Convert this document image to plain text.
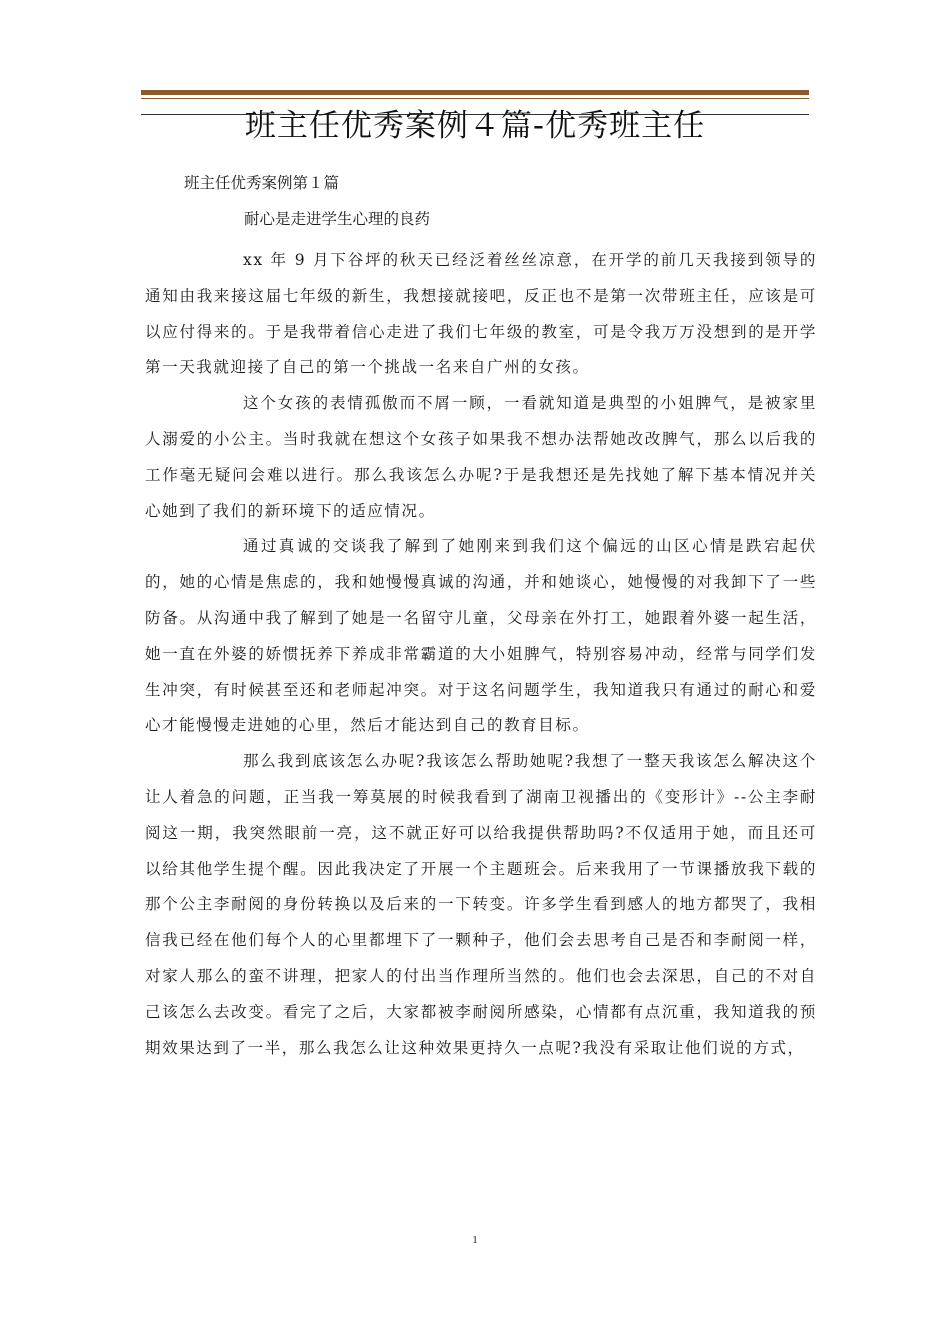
班主任优秀案例４篇-优秀班主任
班主任优秀案例第１篇
耐心是走进学生心理的良药

xx 年 9 月下谷坪的秋天已经泛着丝丝凉意，在开学的前几天我接到领导的通知由我来接这届七年级的新生，我想接就接吧，反正也不是第一次带班主任，应该是可以应付得来的。于是我带着信心走进了我们七年级的教室，可是令我万万没想到的是开学第一天我就迎接了自己的第一个挑战一名来自广州的女孩。

这个女孩的表情孤傲而不屑一顾，一看就知道是典型的小姐脾气，是被家里人溺爱的小公主。当时我就在想这个女孩子如果我不想办法帮她改改脾气，那么以后我的工作毫无疑问会难以进行。那么我该怎么办呢?于是我想还是先找她了解下基本情况并关心她到了我们的新环境下的适应情况。

通过真诚的交谈我了解到了她刚来到我们这个偏远的山区心情是跌宕起伏的，她的心情是焦虑的，我和她慢慢真诚的沟通，并和她谈心，她慢慢的对我卸下了一些防备。从沟通中我了解到了她是一名留守儿童，父母亲在外打工，她跟着外婆一起生活，她一直在外婆的娇惯抚养下养成非常霸道的大小姐脾气，特别容易冲动，经常与同学们发生冲突，有时候甚至还和老师起冲突。对于这名问题学生，我知道我只有通过的耐心和爱心才能慢慢走进她的心里，然后才能达到自己的教育目标。

那么我到底该怎么办呢?我该怎么帮助她呢?我想了一整天我该怎么解决这个让人着急的问题，正当我一筹莫展的时候我看到了湖南卫视播出的《变形计》--公主李耐阅这一期，我突然眼前一亮，这不就正好可以给我提供帮助吗?不仅适用于她，而且还可以给其他学生提个醒。因此我决定了开展一个主题班会。后来我用了一节课播放我下载的那个公主李耐阅的身份转换以及后来的一下转变。许多学生看到感人的地方都哭了，我相信我已经在他们每个人的心里都埋下了一颗种子，他们会去思考自己是否和李耐阅一样，对家人那么的蛮不讲理，把家人的付出当作理所当然的。他们也会去深思，自己的不对自己该怎么去改变。看完了之后，大家都被李耐阅所感染，心情都有点沉重，我知道我的预期效果达到了一半，那么我怎么让这种效果更持久一点呢?我没有采取让他们说的方式，

1
